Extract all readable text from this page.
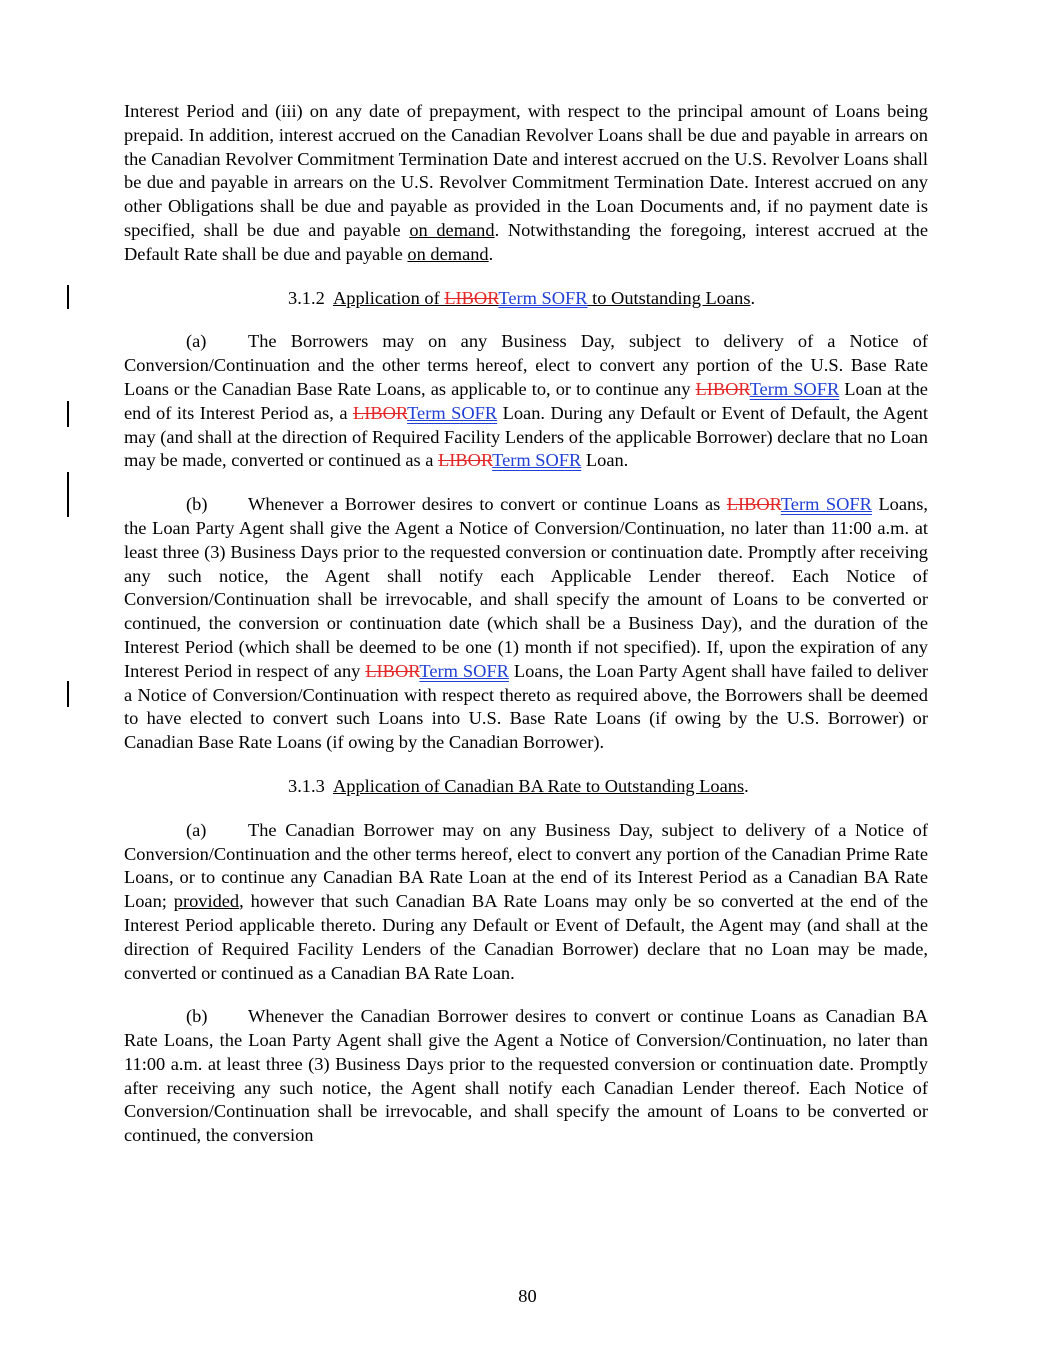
Interest Period and (iii) on any date of prepayment, with respect to the principal amount of Loans being prepaid. In addition, interest accrued on the Canadian Revolver Loans shall be due and payable in arrears on the Canadian Revolver Commitment Termination Date and interest accrued on the U.S. Revolver Loans shall be due and payable in arrears on the U.S. Revolver Commitment Termination Date. Interest accrued on any other Obligations shall be due and payable as provided in the Loan Documents and, if no payment date is specified, shall be due and payable on demand. Notwithstanding the foregoing, interest accrued at the Default Rate shall be due and payable on demand.

3.1.2 Application of LIBORTerm SOFR to Outstanding Loans.

(a) The Borrowers may on any Business Day, subject to delivery of a Notice of Conversion/Continuation and the other terms hereof, elect to convert any portion of the U.S. Base Rate Loans or the Canadian Base Rate Loans, as applicable to, or to continue any LIBORTerm SOFR Loan at the end of its Interest Period as, a LIBORTerm SOFR Loan. During any Default or Event of Default, the Agent may (and shall at the direction of Required Facility Lenders of the applicable Borrower) declare that no Loan may be made, converted or continued as a LIBORTerm SOFR Loan.

(b) Whenever a Borrower desires to convert or continue Loans as LIBORTerm SOFR Loans, the Loan Party Agent shall give the Agent a Notice of Conversion/Continuation, no later than 11:00 a.m. at least three (3) Business Days prior to the requested conversion or continuation date. Promptly after receiving any such notice, the Agent shall notify each Applicable Lender thereof. Each Notice of Conversion/Continuation shall be irrevocable, and shall specify the amount of Loans to be converted or continued, the conversion or continuation date (which shall be a Business Day), and the duration of the Interest Period (which shall be deemed to be one (1) month if not specified). If, upon the expiration of any Interest Period in respect of any LIBORTerm SOFR Loans, the Loan Party Agent shall have failed to deliver a Notice of Conversion/Continuation with respect thereto as required above, the Borrowers shall be deemed to have elected to convert such Loans into U.S. Base Rate Loans (if owing by the U.S. Borrower) or Canadian Base Rate Loans (if owing by the Canadian Borrower).

3.1.3 Application of Canadian BA Rate to Outstanding Loans.

(a) The Canadian Borrower may on any Business Day, subject to delivery of a Notice of Conversion/Continuation and the other terms hereof, elect to convert any portion of the Canadian Prime Rate Loans, or to continue any Canadian BA Rate Loan at the end of its Interest Period as a Canadian BA Rate Loan; provided, however that such Canadian BA Rate Loans may only be so converted at the end of the Interest Period applicable thereto. During any Default or Event of Default, the Agent may (and shall at the direction of Required Facility Lenders of the Canadian Borrower) declare that no Loan may be made, converted or continued as a Canadian BA Rate Loan.

(b) Whenever the Canadian Borrower desires to convert or continue Loans as Canadian BA Rate Loans, the Loan Party Agent shall give the Agent a Notice of Conversion/Continuation, no later than 11:00 a.m. at least three (3) Business Days prior to the requested conversion or continuation date. Promptly after receiving any such notice, the Agent shall notify each Canadian Lender thereof. Each Notice of Conversion/Continuation shall be irrevocable, and shall specify the amount of Loans to be converted or continued, the conversion

80
